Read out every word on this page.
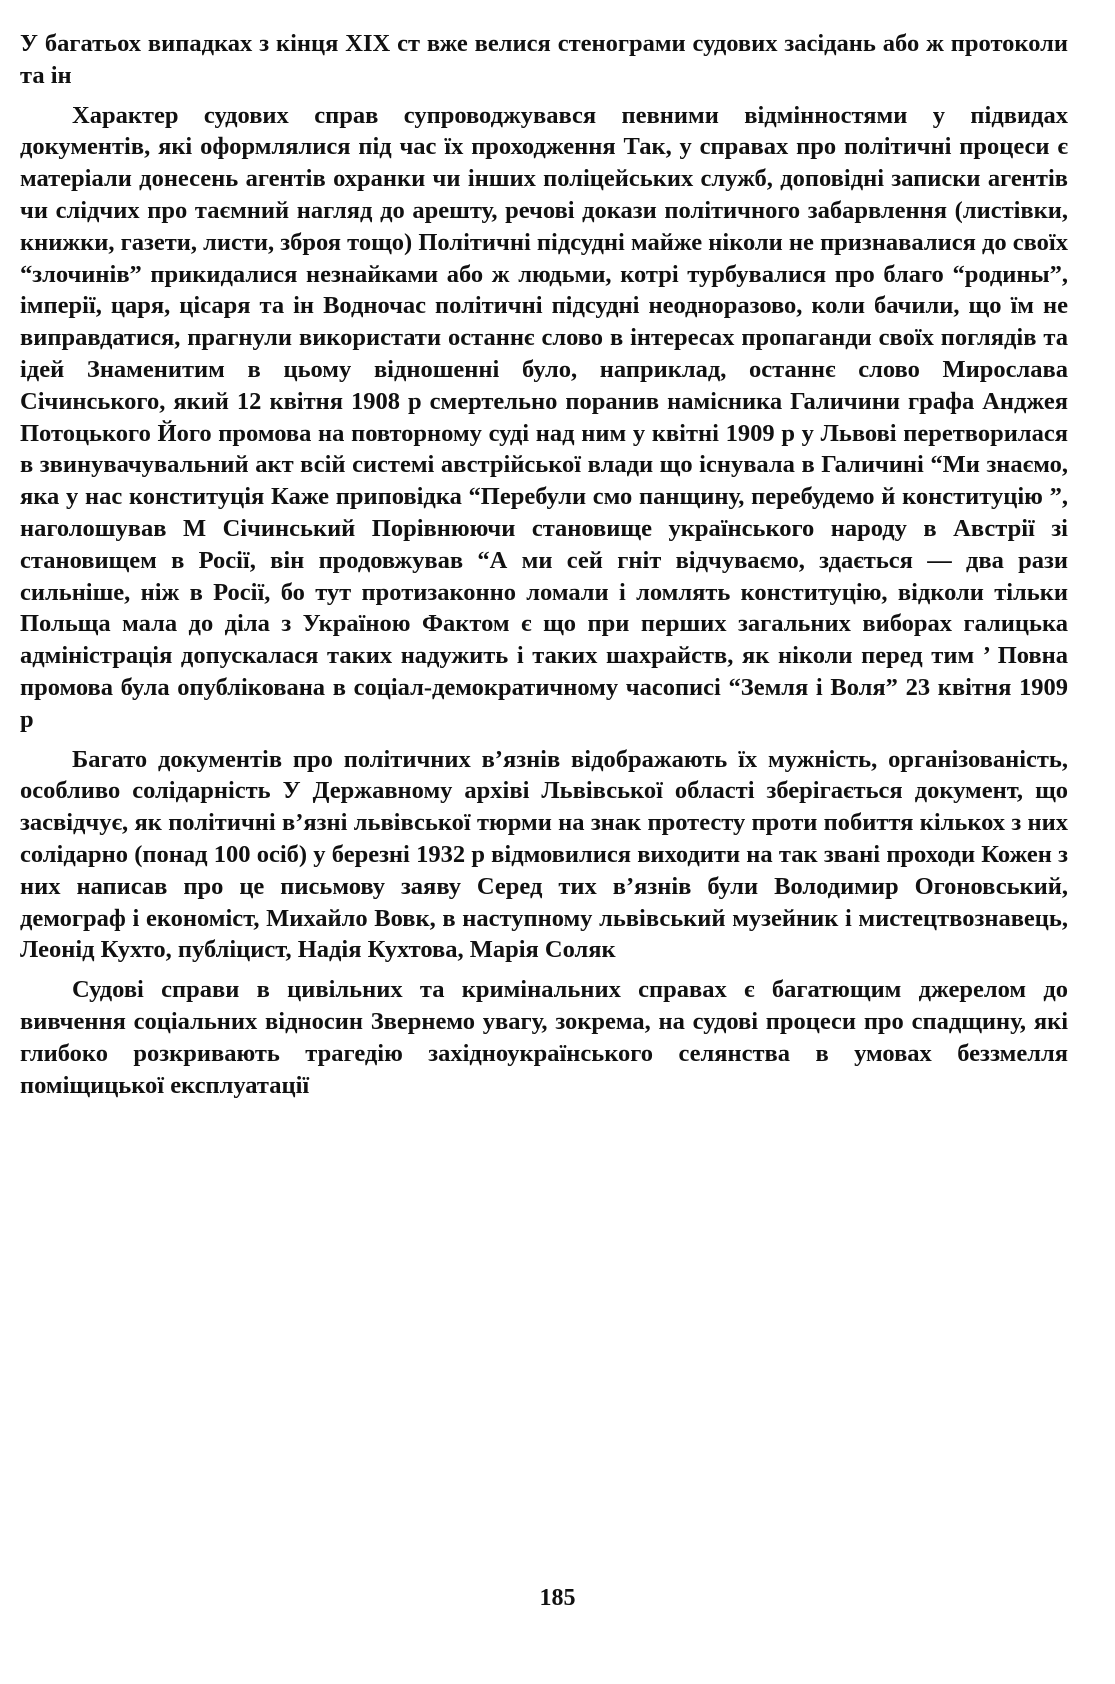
У багатьох випадках з кінця XIX ст вже велися стенограми судових засідань або ж протоколи та ін

Характер судових справ супроводжувався певними відмінностями у підвидах документів, які оформлялися під час їх проходження Так, у справах про політичні процеси є матеріали донесень агентів охранки чи інших поліцейських служб, доповідні записки агентів чи слідчих про таємний нагляд до арешту, речові докази політичного забарвлення (листівки, книжки, газети, листи, зброя тощо) Політичні підсудні майже ніколи не признавалися до своїх “злочинів” прикидалися незнайками або ж людьми, котрі турбувалися про благо “родины”, імперії, царя, цісаря та ін Водночас політичні підсудні неодноразово, коли бачили, що їм не виправдатися, прагнули використати останнє слово в інтересах пропаганди своїх поглядів та ідей Знаменитим в цьому відношенні було, наприклад, останнє слово Мирослава Січинського, який 12 квітня 1908 р смертельно поранив намісника Галичини графа Анджея Потоцького Його промова на повторному суді над ним у квітні 1909 р у Львові перетворилася в звинувачувальний акт всій системі австрійської влади що існувала в Галичині “Ми знаємо, яка у нас конституція Каже приповідка “Перебули смо панщину, перебудемо й конституцію ”, наголошував М Січинський Порівнюючи становище українського народу в Австрії зі становищем в Росії, він продовжував “А ми сей гніт відчуваємо, здається — два рази сильніше, ніж в Росії, бо тут протизаконно ломали і ломлять конституцію, відколи тільки Польща мала до діла з Україною Фактом є що при перших загальних виборах галицька адміністрація допускалася таких надужить і таких шахрайств, як ніколи перед тим ’ Повна промова була опублікована в соціал-демократичному часописі “Земля і Воля” 23 квітня 1909 р

Багато документів про політичних в’язнів відображають їх мужність, організованість, особливо солідарність У Державному архіві Львівської області зберігається документ, що засвідчує, як політичні в’язні львівської тюрми на знак протесту проти побиття кількох з них солідарно (понад 100 осіб) у березні 1932 р відмовилися виходити на так звані проходи Кожен з них написав про це письмову заяву Серед тих в’язнів були Володимир Огоновський, демограф і економіст, Михайло Вовк, в наступному львівський музейник і мистецтвознавець, Леонід Кухто, публіцист, Надія Кухтова, Марія Соляк

Судові справи в цивільних та кримінальних справах є багатющим джерелом до вивчення соціальних відносин Звернемо увагу, зокрема, на судові процеси про спадщину, які глибоко розкривають трагедію західноукраїнського селянства в умовах беззмелля поміщицької експлуатації

185
